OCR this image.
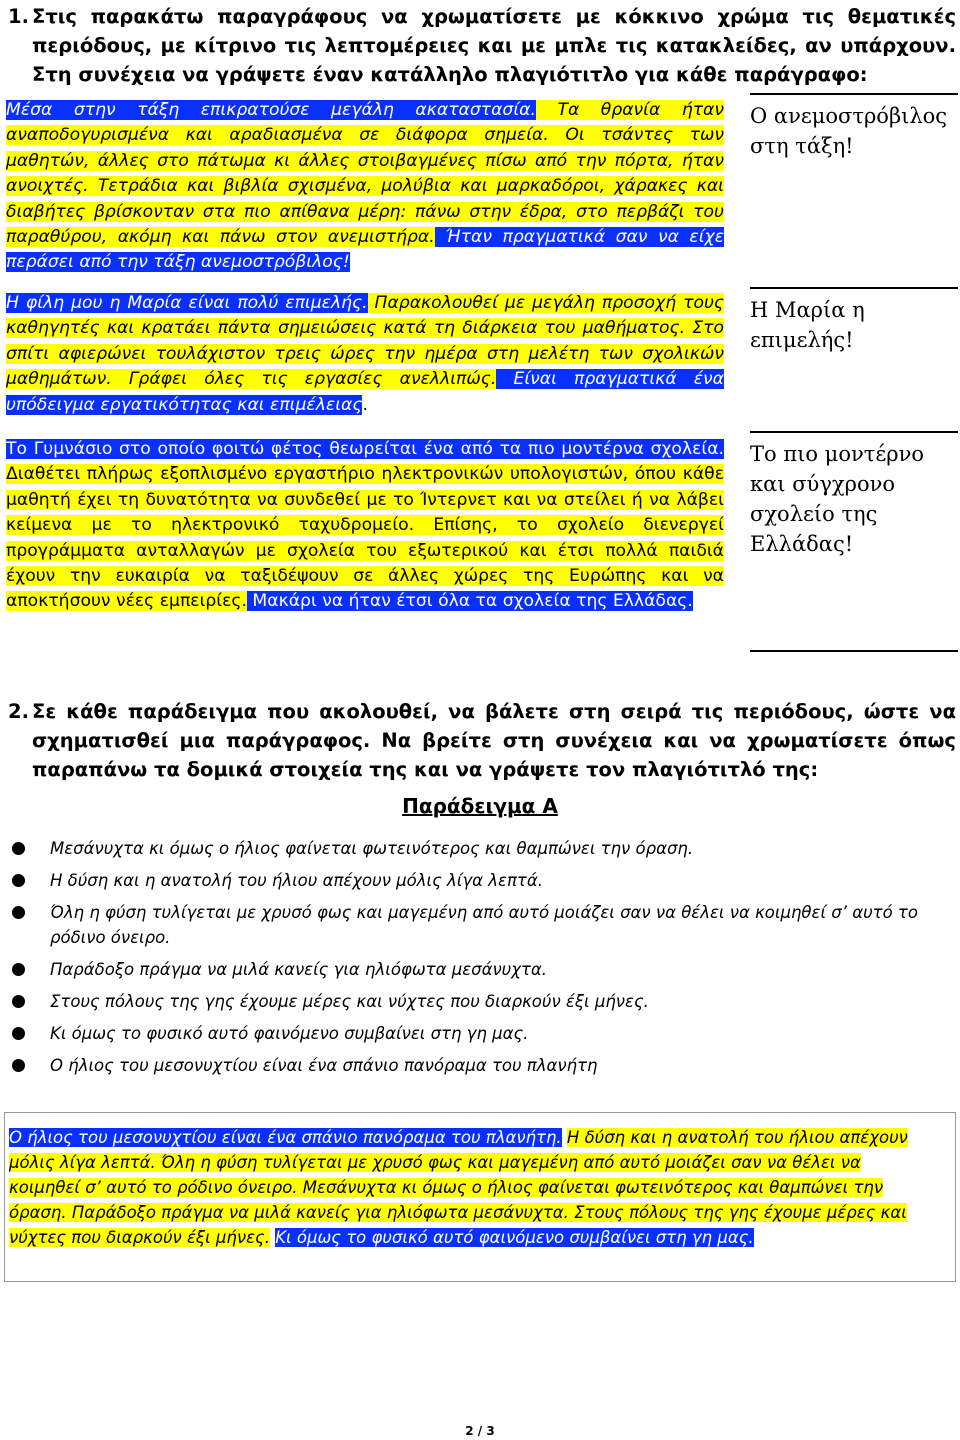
1. Στις παρακάτω παραγράφους να χρωματίσετε με κόκκινο χρώμα τις θεματικές περιόδους, με κίτρινο τις λεπτομέρειες και με μπλε τις κατακλείδες, αν υπάρχουν. Στη συνέχεια να γράψετε έναν κατάλληλο πλαγιότιτλο για κάθε παράγραφο:
Μέσα στην τάξη επικρατούσε μεγάλη ακαταστασία. Τα θρανία ήταν αναποδογυρισμένα και αραδιασμένα σε διάφορα σημεία. Οι τσάντες των μαθητών, άλλες στο πάτωμα κι άλλες στοιβαγμένες πίσω από την πόρτα, ήταν ανοιχτές. Τετράδια και βιβλία σχισμένα, μολύβια και μαρκαδόροι, χάρακες και διαβήτες βρίσκονταν στα πιο απίθανα μέρη: πάνω στην έδρα, στο περβάζι του παραθύρου, ακόμη και πάνω στον ανεμιστήρα. Ήταν πραγματικά σαν να είχε περάσει από την τάξη ανεμοστρόβιλος!
Ο ανεμοστρόβιλος στη τάξη!
Η φίλη μου η Μαρία είναι πολύ επιμελής. Παρακολουθεί με μεγάλη προσοχή τους καθηγητές και κρατάει πάντα σημειώσεις κατά τη διάρκεια του μαθήματος. Στο σπίτι αφιερώνει τουλάχιστον τρεις ώρες την ημέρα στη μελέτη των σχολικών μαθημάτων. Γράφει όλες τις εργασίες ανελλιπώς. Είναι πραγματικά ένα υπόδειγμα εργατικότητας και επιμέλειας.
Η Μαρία η επιμελής!
Το Γυμνάσιο στο οποίο φοιτώ φέτος θεωρείται ένα από τα πιο μοντέρνα σχολεία. Διαθέτει πλήρως εξοπλισμένο εργαστήριο ηλεκτρονικών υπολογιστών, όπου κάθε μαθητή έχει τη δυνατότητα να συνδεθεί με το Ίντερνετ και να στείλει ή να λάβει κείμενα με το ηλεκτρονικό ταχυδρομείο. Επίσης, το σχολείο διενεργεί προγράμματα ανταλλαγών με σχολεία του εξωτερικού και έτσι πολλά παιδιά έχουν την ευκαιρία να ταξιδέψουν σε άλλες χώρες της Ευρώπης και να αποκτήσουν νέες εμπειρίες. Μακάρι να ήταν έτσι όλα τα σχολεία της Ελλάδας.
Το πιο μοντέρνο και σύγχρονο σχολείο της Ελλάδας!
2. Σε κάθε παράδειγμα που ακολουθεί, να βάλετε στη σειρά τις περιόδους, ώστε να σχηματισθεί μια παράγραφος. Να βρείτε στη συνέχεια και να χρωματίσετε όπως παραπάνω τα δομικά στοιχεία της και να γράψετε τον πλαγιότιτλό της:
Παράδειγμα Α
Μεσάνυχτα κι όμως ο ήλιος φαίνεται φωτεινότερος και θαμπώνει την όραση.
Η δύση και η ανατολή του ήλιου απέχουν μόλις λίγα λεπτά.
Όλη η φύση τυλίγεται με χρυσό φως και μαγεμένη από αυτό μοιάζει σαν να θέλει να κοιμηθεί σ’ αυτό το ρόδινο όνειρο.
Παράδοξο πράγμα να μιλά κανείς για ηλιόφωτα μεσάνυχτα.
Στους πόλους της γης έχουμε μέρες και νύχτες που διαρκούν έξι μήνες.
Κι όμως το φυσικό αυτό φαινόμενο συμβαίνει στη γη μας.
Ο ήλιος του μεσονυχτίου είναι ένα σπάνιο πανόραμα του πλανήτη
Ο ήλιος του μεσονυχτίου είναι ένα σπάνιο πανόραμα του πλανήτη. Η δύση και η ανατολή του ήλιου απέχουν μόλις λίγα λεπτά. Όλη η φύση τυλίγεται με χρυσό φως και μαγεμένη από αυτό μοιάζει σαν να θέλει να κοιμηθεί σ’ αυτό το ρόδινο όνειρο. Μεσάνυχτα κι όμως ο ήλιος φαίνεται φωτεινότερος και θαμπώνει την όραση. Παράδοξο πράγμα να μιλά κανείς για ηλιόφωτα μεσάνυχτα. Στους πόλους της γης έχουμε μέρες και νύχτες που διαρκούν έξι μήνες. Κι όμως το φυσικό αυτό φαινόμενο συμβαίνει στη γη μας.
2 / 3
